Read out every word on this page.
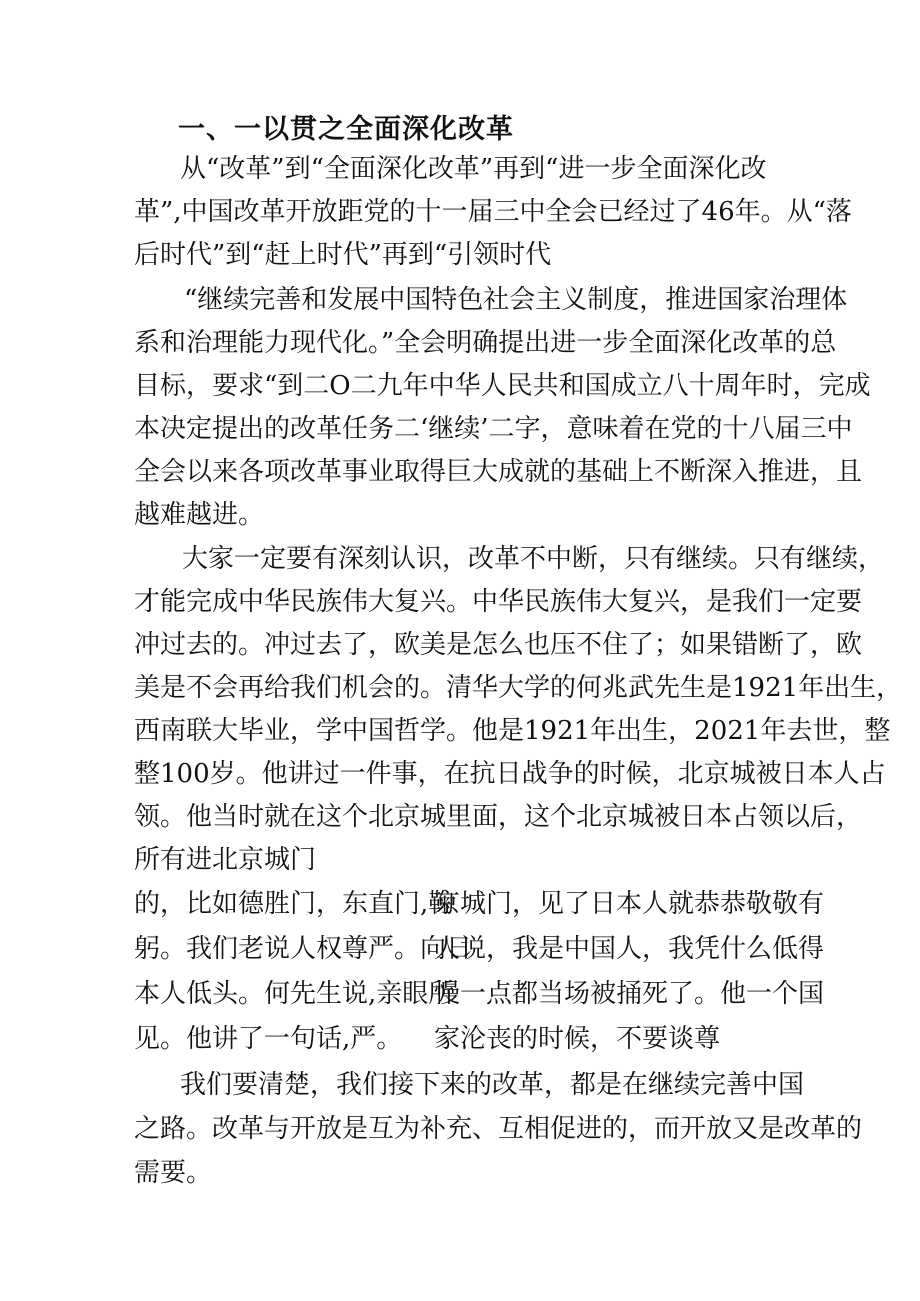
一、一以贯之全面深化改革
从“改革”到“全面深化改革”再到“进一步全面深化改
革”,中国改革开放距党的十一届三中全会已经过了46年。从“落
后时代”到“赶上时代”再到“引领时代
“继续完善和发展中国特色社会主义制度，推进国家治理体
系和治理能力现代化。”全会明确提出进一步全面深化改革的总
目标，要求“到二O二九年中华人民共和国成立八十周年时，完成
本决定提出的改革任务二‘继续’二字，意味着在党的十八届三中
全会以来各项改革事业取得巨大成就的基础上不断深入推进，且
越难越进。
大家一定要有深刻认识，改革不中断，只有继续。只有继续，
才能完成中华民族伟大复兴。中华民族伟大复兴，是我们一定要
冲过去的。冲过去了，欧美是怎么也压不住了；如果错断了，欧
美是不会再给我们机会的。清华大学的何兆武先生是1921年出生，
西南联大毕业，学中国哲学。他是1921年出生，2021年去世，整
整100岁。他讲过一件事，在抗日战争的时候，北京城被日本人占
领。他当时就在这个北京城里面，这个北京城被日本占领以后，
所有进北京城门
的，比如德胜门，东直门,鞠
躬。我们老说人权尊严。向日
本人低头。何先生说,亲眼所
见。他讲了一句话,严。
京城门，见了日本人就恭恭敬敬有
人说，我是中国人，我凭什么低得
慢一点都当场被捅死了。他一个国
家沦丧的时候，不要谈尊
我们要清楚，我们接下来的改革，都是在继续完善中国
之路。改革与开放是互为补充、互相促进的，而开放又是改革的
需要。
